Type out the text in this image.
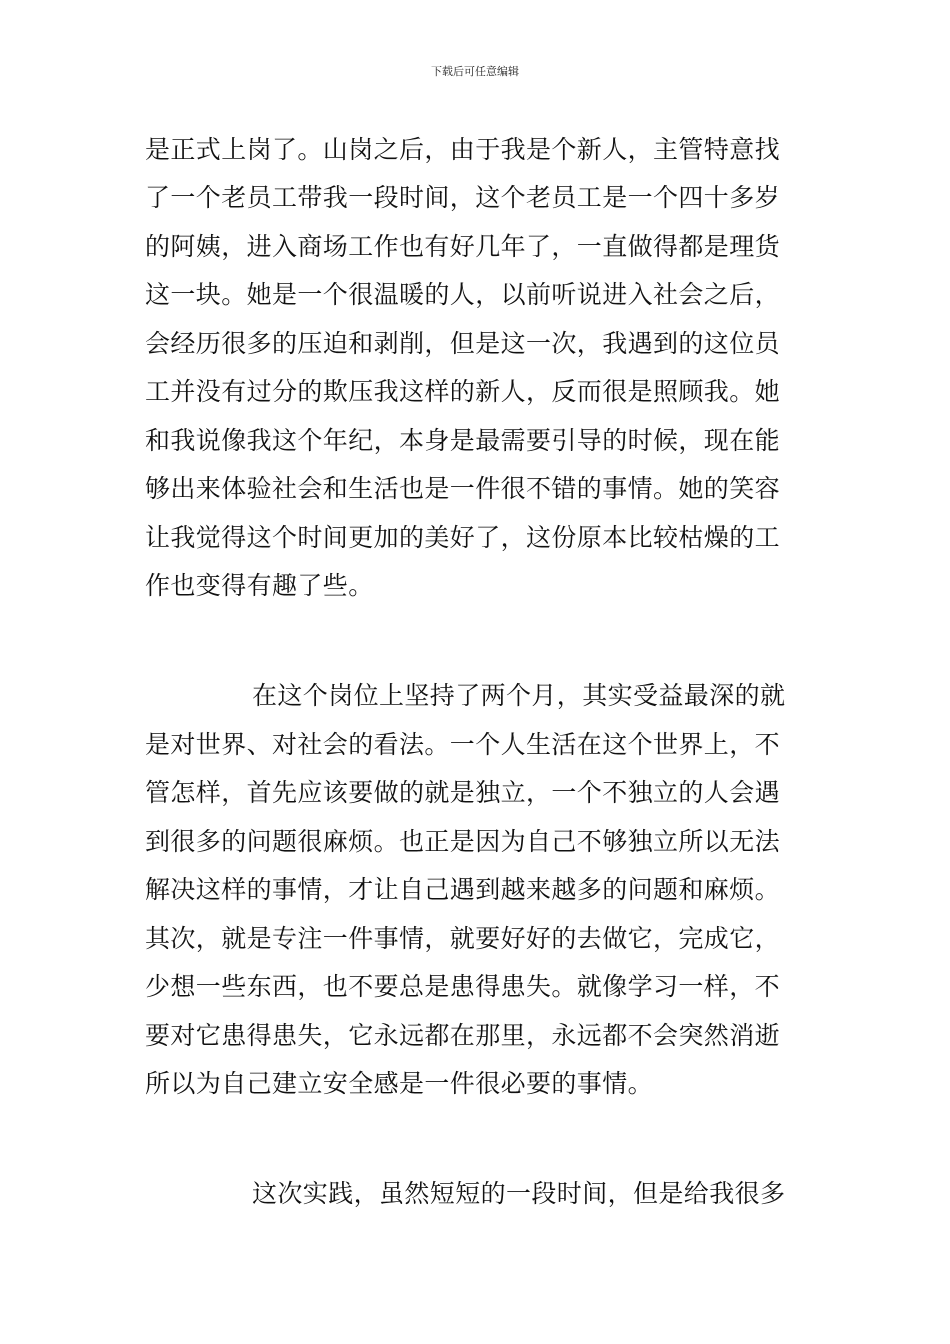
下载后可任意编辑
是正式上岗了。山岗之后，由于我是个新人，主管特意找
了一个老员工带我一段时间，这个老员工是一个四十多岁
的阿姨，进入商场工作也有好几年了，一直做得都是理货
这一块。她是一个很温暖的人，以前听说进入社会之后，
会经历很多的压迫和剥削，但是这一次，我遇到的这位员
工并没有过分的欺压我这样的新人，反而很是照顾我。她
和我说像我这个年纪，本身是最需要引导的时候，现在能
够出来体验社会和生活也是一件很不错的事情。她的笑容
让我觉得这个时间更加的美好了，这份原本比较枯燥的工
作也变得有趣了些。
在这个岗位上坚持了两个月，其实受益最深的就
是对世界、对社会的看法。一个人生活在这个世界上，不
管怎样，首先应该要做的就是独立，一个不独立的人会遇
到很多的问题很麻烦。也正是因为自己不够独立所以无法
解决这样的事情，才让自己遇到越来越多的问题和麻烦。
其次，就是专注一件事情，就要好好的去做它，完成它，
少想一些东西，也不要总是患得患失。就像学习一样，不
要对它患得患失，它永远都在那里，永远都不会突然消逝
所以为自己建立安全感是一件很必要的事情。
这次实践，虽然短短的一段时间，但是给我很多
